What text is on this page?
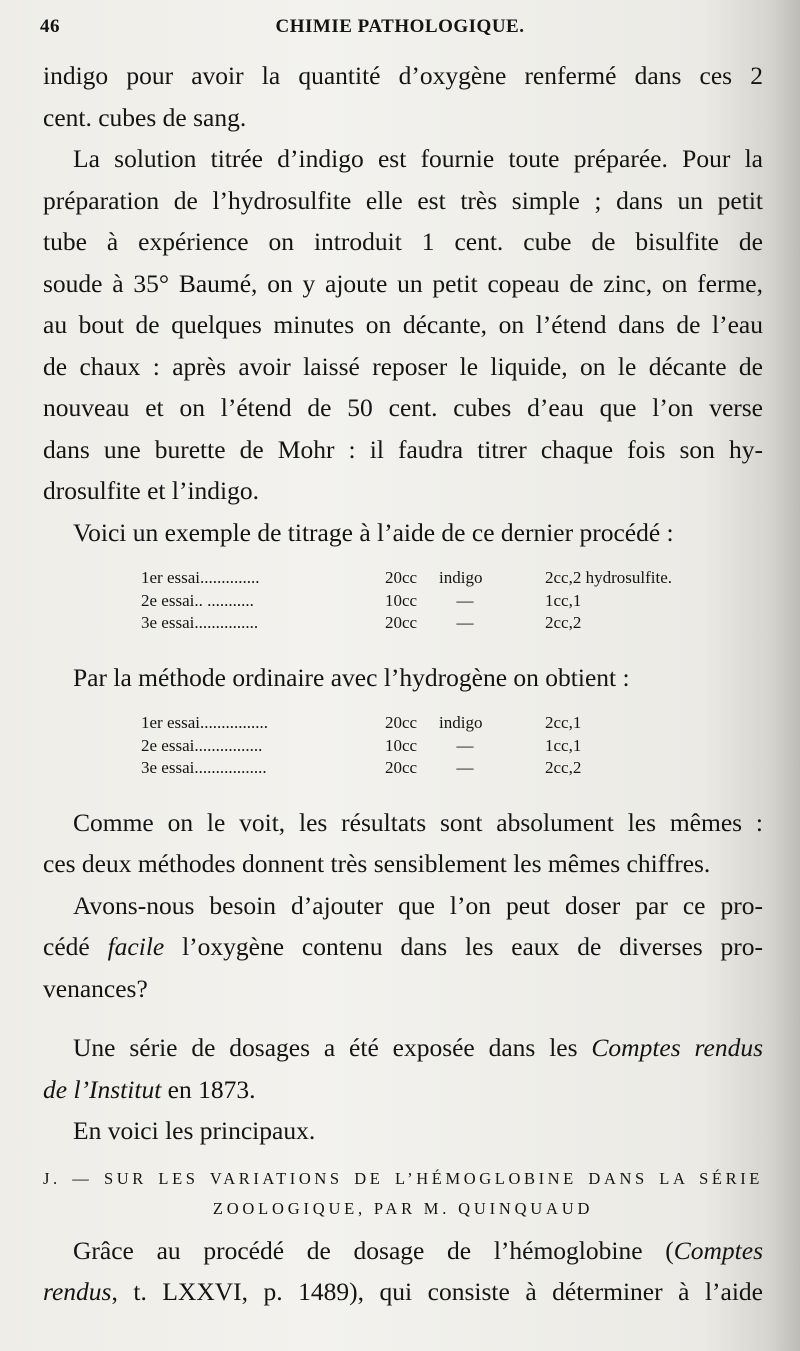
46	CHIMIE PATHOLOGIQUE.
indigo pour avoir la quantité d’oxygène renfermé dans ces 2
cent. cubes de sang.
La solution titrée d’indigo est fournie toute préparée. Pour la
préparation de l’hydrosulfite elle est très simple ; dans un petit
tube à expérience on introduit 1 cent. cube de bisulfite de
soude à 35° Baumé, on y ajoute un petit copeau de zinc, on ferme,
au bout de quelques minutes on décante, on l’étend dans de l’eau
de chaux : après avoir laissé reposer le liquide, on le décante de
nouveau et on l’étend de 50 cent. cubes d’eau que l’on verse
dans une burette de Mohr : il faudra titrer chaque fois son hy-
drosulfite et l’indigo.
Voici un exemple de titrage à l’aide de ce dernier procédé :
1er essai..............	20cc	indigo	2cc,2 hydrosulfite.
2e essai.. ...........	10cc	—	1cc,1
3e essai...............	20cc	—	2cc,2
Par la méthode ordinaire avec l’hydrogène on obtient :
1er essai................	20cc	indigo	2cc,1
2e essai................	10cc	—	1cc,1
3e essai.................	20cc	—	2cc,2
Comme on le voit, les résultats sont absolument les mêmes :
ces deux méthodes donnent très sensiblement les mêmes chiffres.
Avons-nous besoin d’ajouter que l’on peut doser par ce pro-
cédé facile l’oxygène contenu dans les eaux de diverses pro-
venances?
Une série de dosages a été exposée dans les Comptes rendus
de l’Institut en 1873.
En voici les principaux.
J. — SUR LES VARIATIONS DE L’HÉMOGLOBINE DANS LA SÉRIE
ZOOLOGIQUE, PAR M. QUINQUAUD
Grâce au procédé de dosage de l’hémoglobine (Comptes
rendus, t. LXXVI, p. 1489), qui consiste à déterminer à l’aide
